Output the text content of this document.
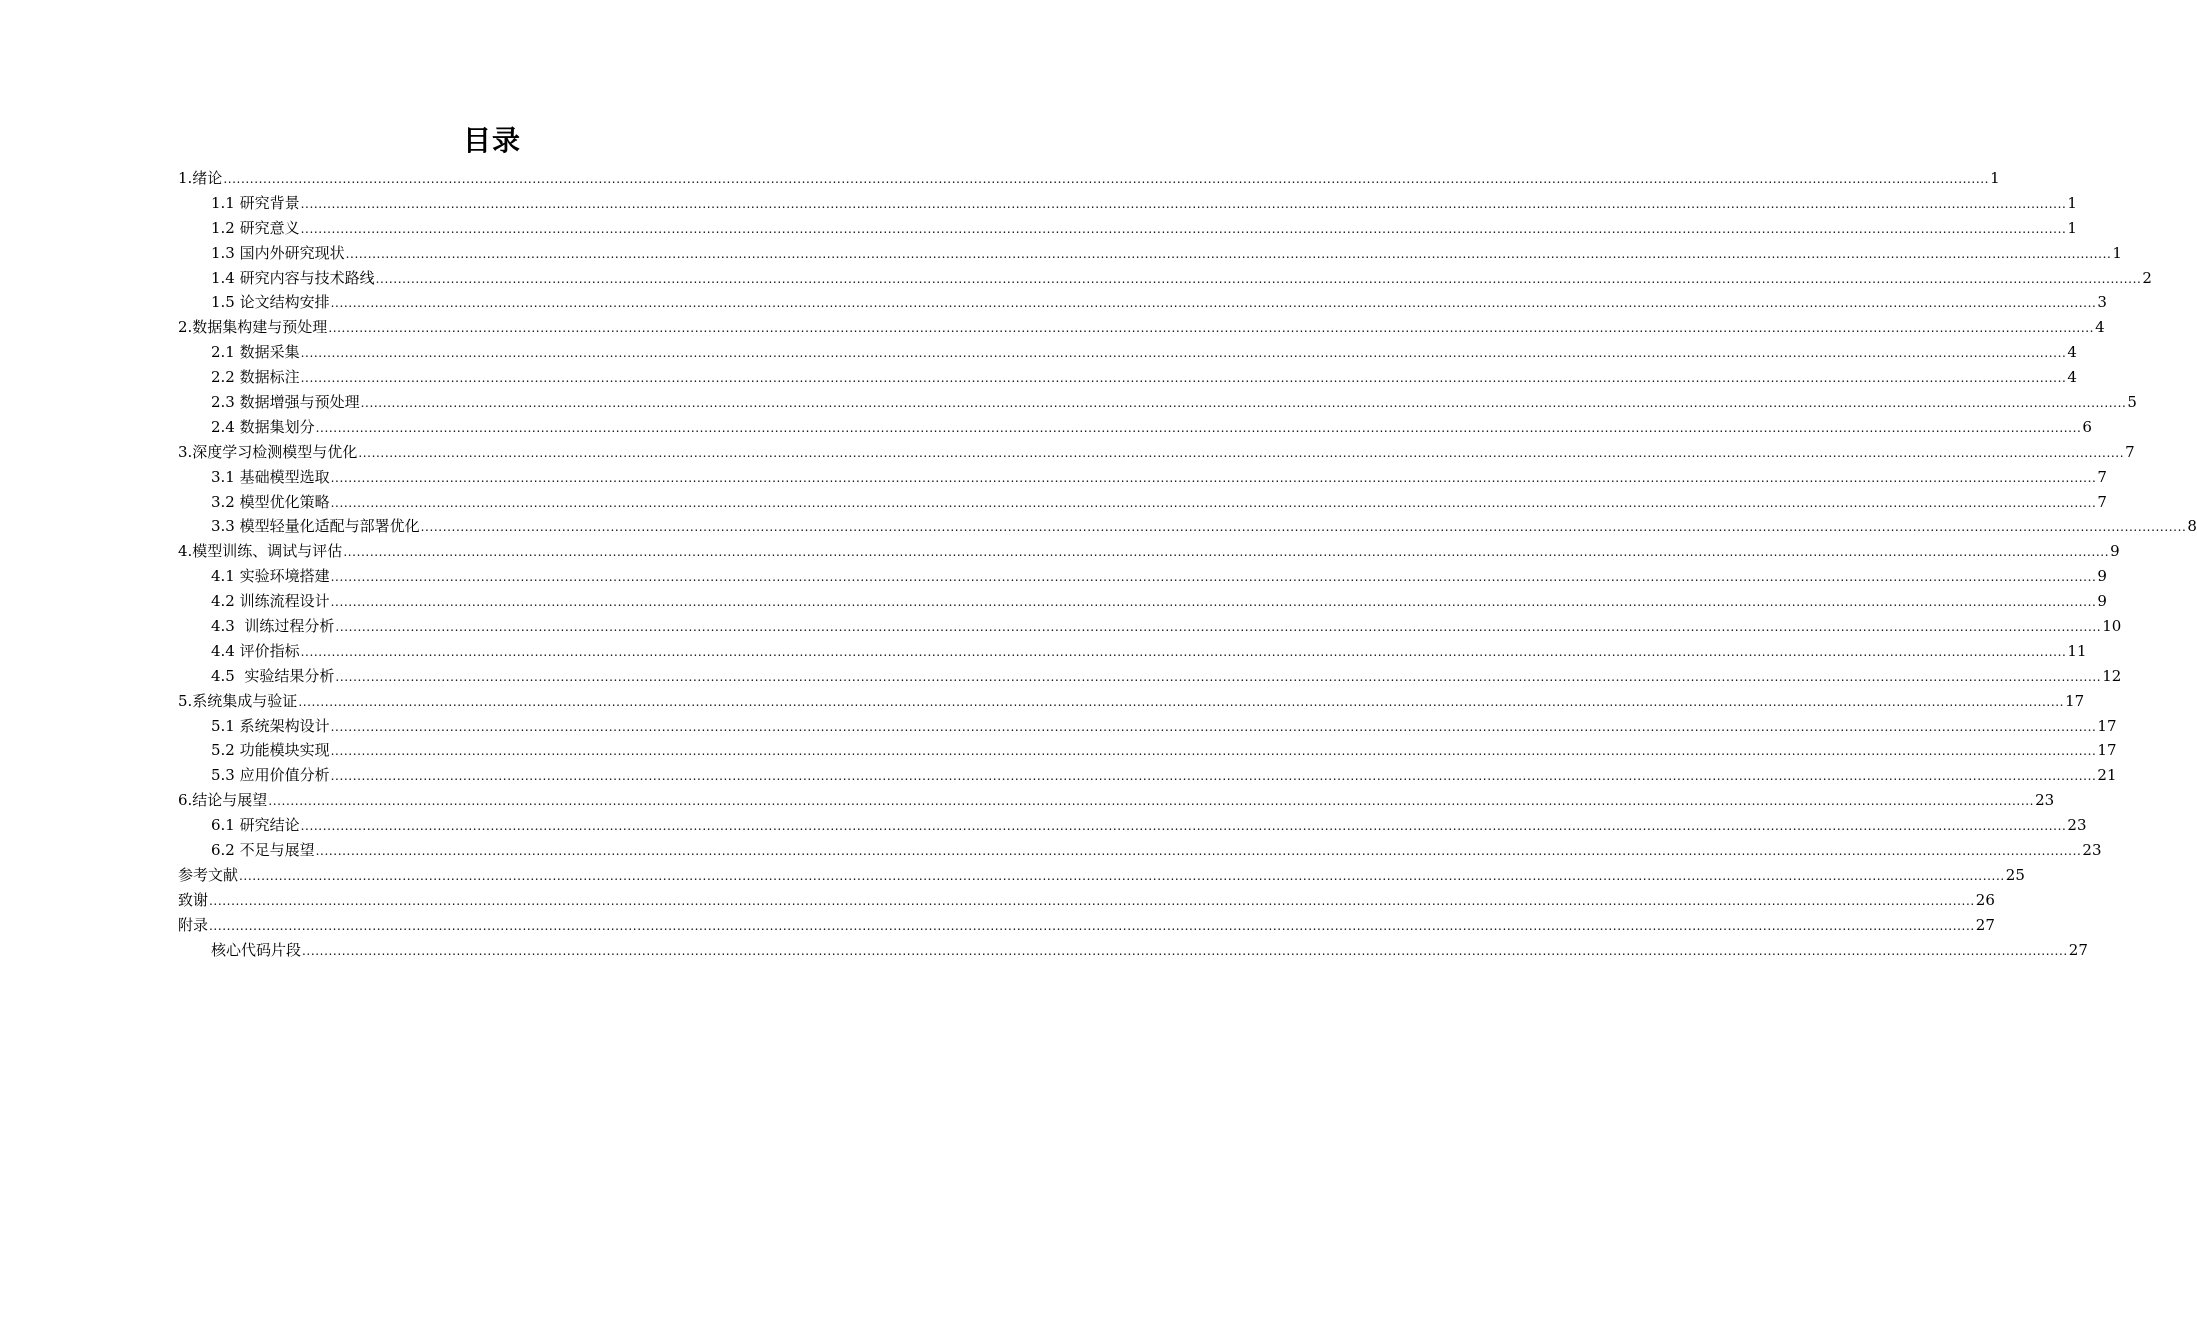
目录
1.绪论 ................................................................................................................................................................................................................................................................................................................................................................................................................ 1
1.1 研究背景 ................................................................................................................................................................................................................................................................................................................................................................................................................ 1
1.2 研究意义 ................................................................................................................................................................................................................................................................................................................................................................................................................ 1
1.3 国内外研究现状 ................................................................................................................................................................................................................................................................................................................................................................................................................ 1
1.4 研究内容与技术路线 ................................................................................................................................................................................................................................................................................................................................................................................................................ 2
1.5 论文结构安排 ................................................................................................................................................................................................................................................................................................................................................................................................................ 3
2.数据集构建与预处理 ................................................................................................................................................................................................................................................................................................................................................................................................................ 4
2.1 数据采集 ................................................................................................................................................................................................................................................................................................................................................................................................................ 4
2.2 数据标注 ................................................................................................................................................................................................................................................................................................................................................................................................................ 4
2.3 数据增强与预处理 ................................................................................................................................................................................................................................................................................................................................................................................................................ 5
2.4 数据集划分 ................................................................................................................................................................................................................................................................................................................................................................................................................ 6
3.深度学习检测模型与优化 ................................................................................................................................................................................................................................................................................................................................................................................................................ 7
3.1 基础模型选取 ................................................................................................................................................................................................................................................................................................................................................................................................................ 7
3.2 模型优化策略 ................................................................................................................................................................................................................................................................................................................................................................................................................ 7
3.3 模型轻量化适配与部署优化 ................................................................................................................................................................................................................................................................................................................................................................................................................ 8
4.模型训练、调试与评估 ................................................................................................................................................................................................................................................................................................................................................................................................................ 9
4.1 实验环境搭建 ................................................................................................................................................................................................................................................................................................................................................................................................................ 9
4.2 训练流程设计 ................................................................................................................................................................................................................................................................................................................................................................................................................ 9
4.3  训练过程分析 ................................................................................................................................................................................................................................................................................................................................................................................................................ 10
4.4 评价指标 ................................................................................................................................................................................................................................................................................................................................................................................................................ 11
4.5  实验结果分析 ................................................................................................................................................................................................................................................................................................................................................................................................................ 12
5.系统集成与验证 ................................................................................................................................................................................................................................................................................................................................................................................................................ 17
5.1 系统架构设计 ................................................................................................................................................................................................................................................................................................................................................................................................................ 17
5.2 功能模块实现 ................................................................................................................................................................................................................................................................................................................................................................................................................ 17
5.3 应用价值分析 ................................................................................................................................................................................................................................................................................................................................................................................................................ 21
6.结论与展望 ................................................................................................................................................................................................................................................................................................................................................................................................................ 23
6.1 研究结论 ................................................................................................................................................................................................................................................................................................................................................................................................................ 23
6.2 不足与展望 ................................................................................................................................................................................................................................................................................................................................................................................................................ 23
参考文献 ................................................................................................................................................................................................................................................................................................................................................................................................................ 25
致谢 ................................................................................................................................................................................................................................................................................................................................................................................................................ 26
附录 ................................................................................................................................................................................................................................................................................................................................................................................................................ 27
核心代码片段 ................................................................................................................................................................................................................................................................................................................................................................................................................ 27
